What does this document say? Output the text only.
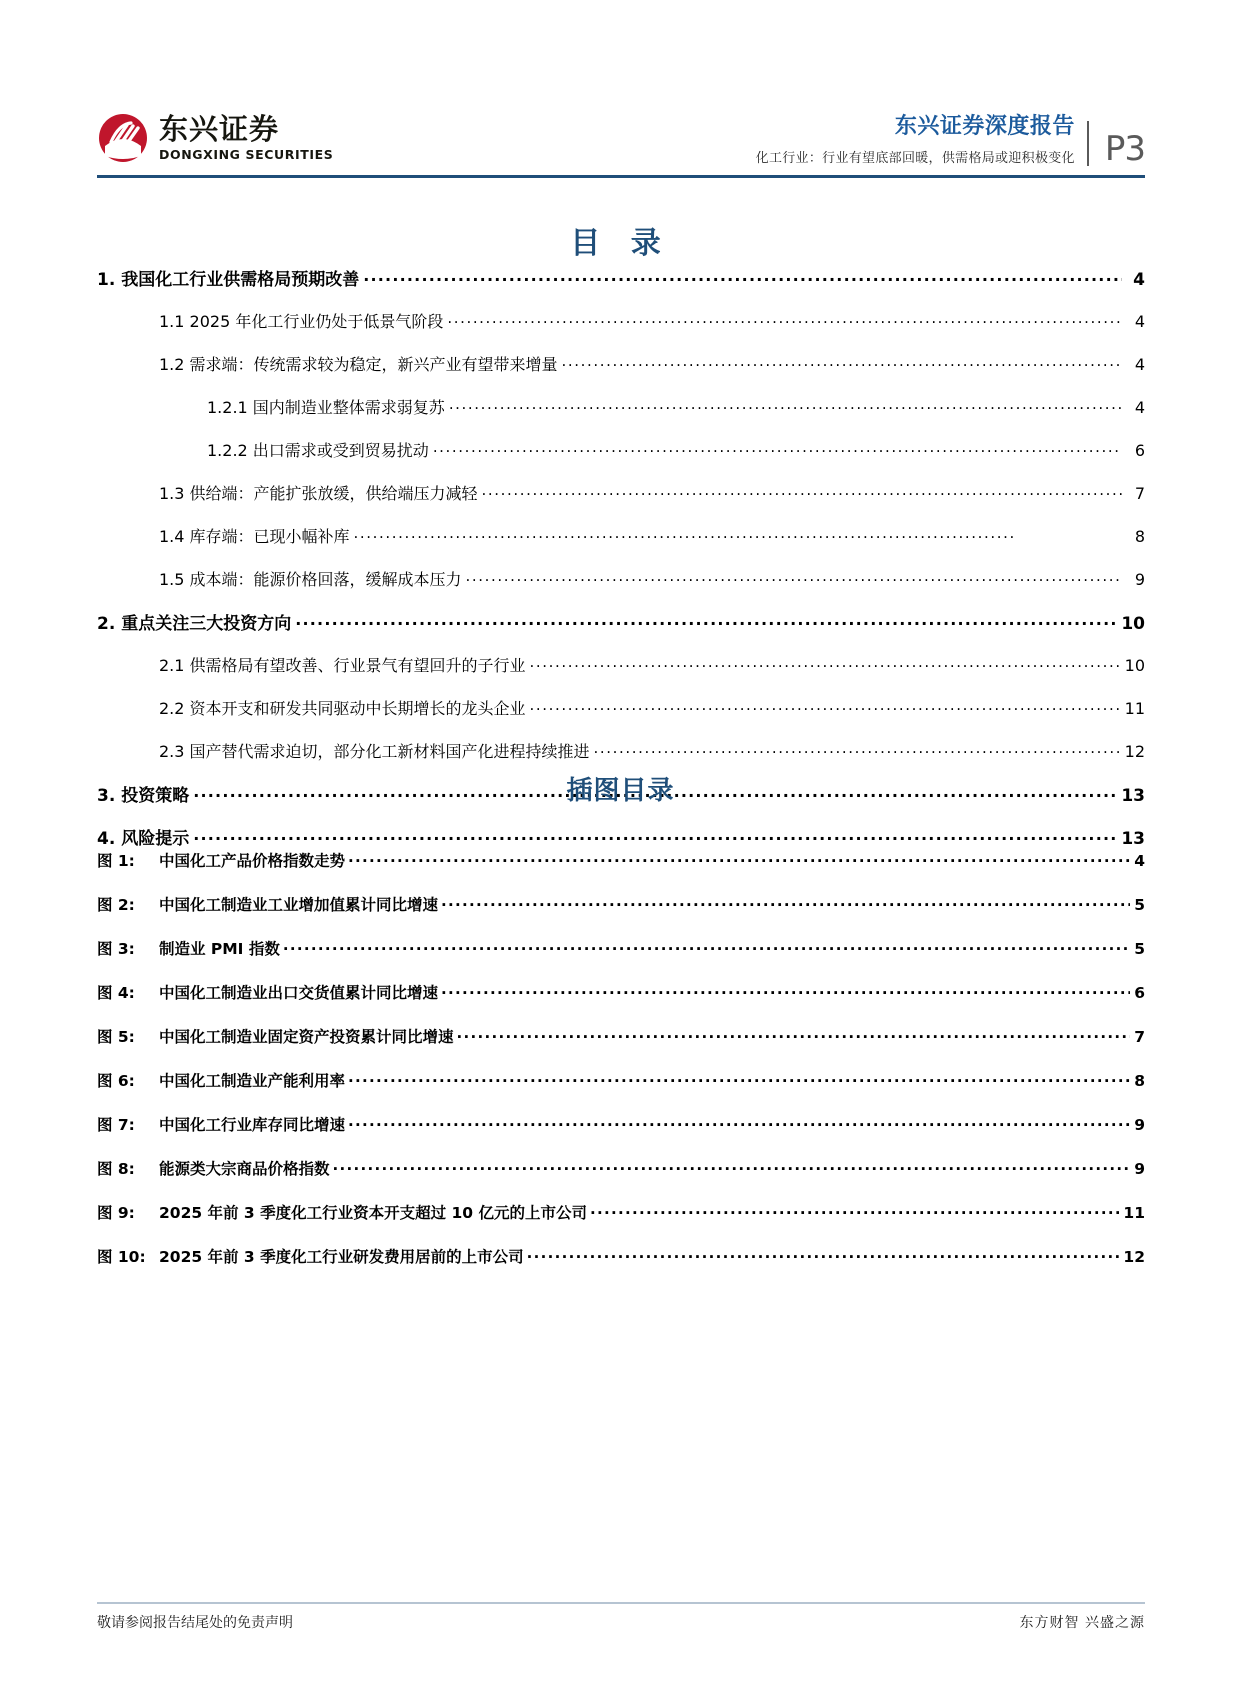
东兴证券
DONGXING SECURITIES
东兴证券深度报告
化工行业：行业有望底部回暖，供需格局或迎积极变化 P3
目 录
1. 我国化工行业供需格局预期改善 .....	4
1.1 2025 年化工行业仍处于低景气阶段 .....	4
1.2 需求端：传统需求较为稳定，新兴产业有望带来增量 .....	4
1.2.1 国内制造业整体需求弱复苏 .....	4
1.2.2 出口需求或受到贸易扰动 .....	6
1.3 供给端：产能扩张放缓，供给端压力减轻 .....	7
1.4 库存端：已现小幅补库 .....	8
1.5 成本端：能源价格回落，缓解成本压力 .....	9
2. 重点关注三大投资方向 .....	10
2.1 供需格局有望改善、行业景气有望回升的子行业 .....	10
2.2 资本开支和研发共同驱动中长期增长的龙头企业 .....	11
2.3 国产替代需求迫切，部分化工新材料国产化进程持续推进 .....	12
3. 投资策略 .....	13
4. 风险提示 .....	13
插图目录
图 1:	中国化工产品价格指数走势 .....	4
图 2:	中国化工制造业工业增加值累计同比增速 .....	5
图 3:	制造业 PMI 指数 .....	5
图 4:	中国化工制造业出口交货值累计同比增速 .....	6
图 5:	中国化工制造业固定资产投资累计同比增速 .....	7
图 6:	中国化工制造业产能利用率 .....	8
图 7:	中国化工行业库存同比增速 .....	9
图 8:	能源类大宗商品价格指数 .....	9
图 9:	2025 年前 3 季度化工行业资本开支超过 10 亿元的上市公司 .....	11
图 10: 2025 年前 3 季度化工行业研发费用居前的上市公司 .....	12
敬请参阅报告结尾处的免责声明	东方财智 兴盛之源
